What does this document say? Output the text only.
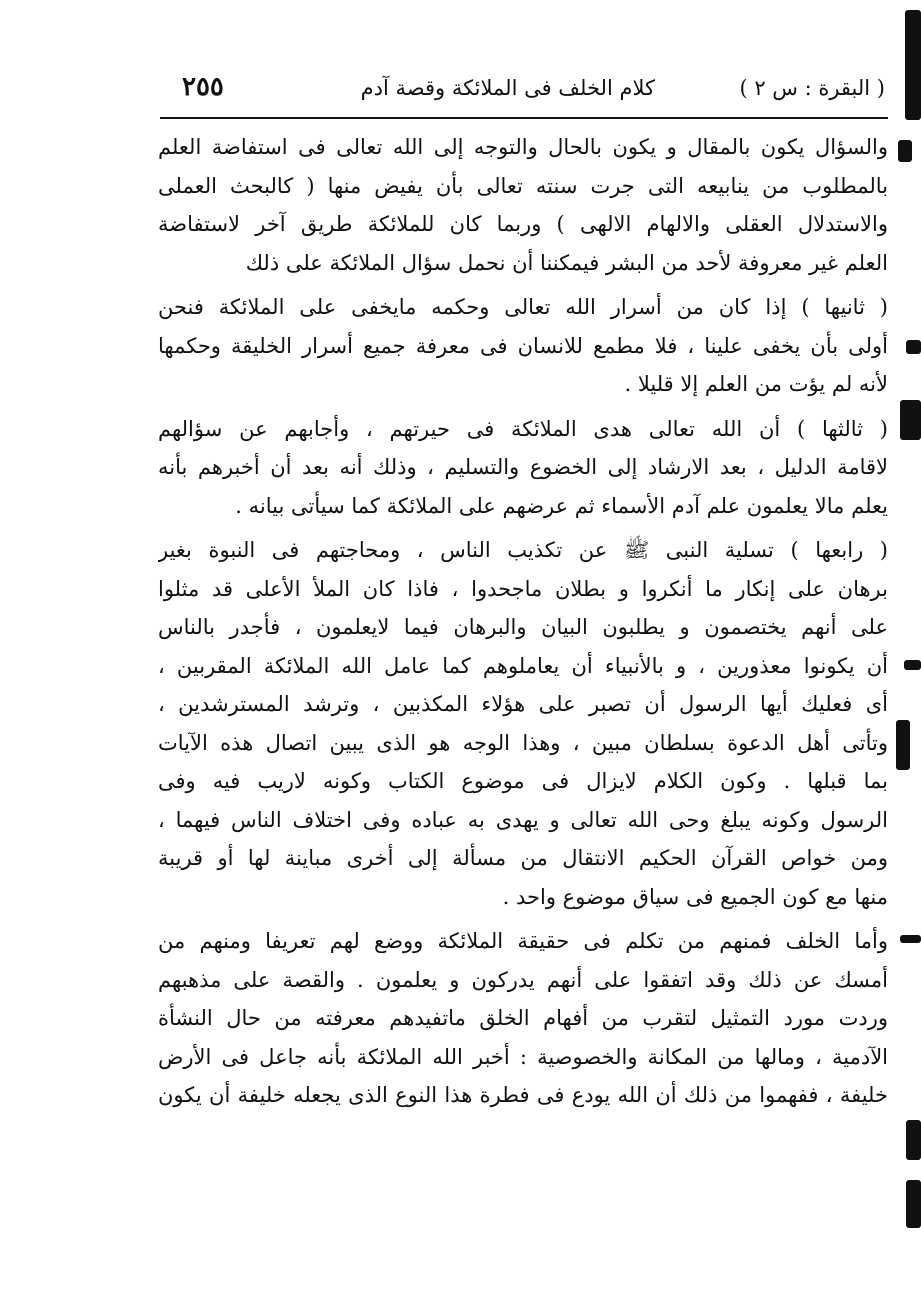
( البقرة : س ٢ )
كلام الخلف فى الملائكة وقصة آدم
٢٥٥
والسؤال يكون بالمقال و يكون بالحال والتوجه إلى الله تعالى فى استفاضة العلم
بالمطلوب من ينابيعه التى جرت سنته تعالى بأن يفيض منها ( كالبحث العملى
والاستدلال العقلى والالهام الالهى ) وربما كان للملائكة طريق آخر لاستفاضة
العلم غير معروفة لأحد من البشر فيمكننا أن نحمل سؤال الملائكة على ذلك
( ثانيها ) إذا كان من أسرار الله تعالى وحكمه مايخفى على الملائكة فنحن
أولى بأن يخفى علينا ، فلا مطمع للانسان فى معرفة جميع أسرار الخليقة وحكمها
لأنه لم يؤت من العلم إلا قليلا .
( ثالثها ) أن الله تعالى هدى الملائكة فى حيرتهم ، وأجابهم عن سؤالهم
لاقامة الدليل ، بعد الارشاد إلى الخضوع والتسليم ، وذلك أنه بعد أن أخبرهم بأنه
يعلم مالا يعلمون علم آدم الأسماء ثم عرضهم على الملائكة كما سيأتى بيانه .
( رابعها ) تسلية النبى ﷺ عن تكذيب الناس ، ومحاجتهم فى النبوة بغير
برهان على إنكار ما أنكروا و بطلان ماجحدوا ، فاذا كان الملأ الأعلى قد مثلوا
على أنهم يختصمون و يطلبون البيان والبرهان فيما لايعلمون ، فأجدر بالناس
أن يكونوا معذورين ، و بالأنبياء أن يعاملوهم كما عامل الله الملائكة المقربين ،
أى فعليك أيها الرسول أن تصبر على هؤلاء المكذبين ، وترشد المسترشدين ،
وتأتى أهل الدعوة بسلطان مبين ، وهذا الوجه هو الذى يبين اتصال هذه الآيات
بما قبلها . وكون الكلام لايزال فى موضوع الكتاب وكونه لاريب فيه وفى
الرسول وكونه يبلغ وحى الله تعالى و يهدى به عباده وفى اختلاف الناس فيهما ،
ومن خواص القرآن الحكيم الانتقال من مسألة إلى أخرى مباينة لها أو قريبة
منها مع كون الجميع فى سياق موضوع واحد .
وأما الخلف فمنهم من تكلم فى حقيقة الملائكة ووضع لهم تعريفا ومنهم من
أمسك عن ذلك وقد اتفقوا على أنهم يدركون و يعلمون . والقصة على مذهبهم
وردت مورد التمثيل لتقرب من أفهام الخلق ماتفيدهم معرفته من حال النشأة
الآدمية ، ومالها من المكانة والخصوصية : أخبر الله الملائكة بأنه جاعل فى الأرض
خليفة ، ففهموا من ذلك أن الله يودع فى فطرة هذا النوع الذى يجعله خليفة أن يكون
